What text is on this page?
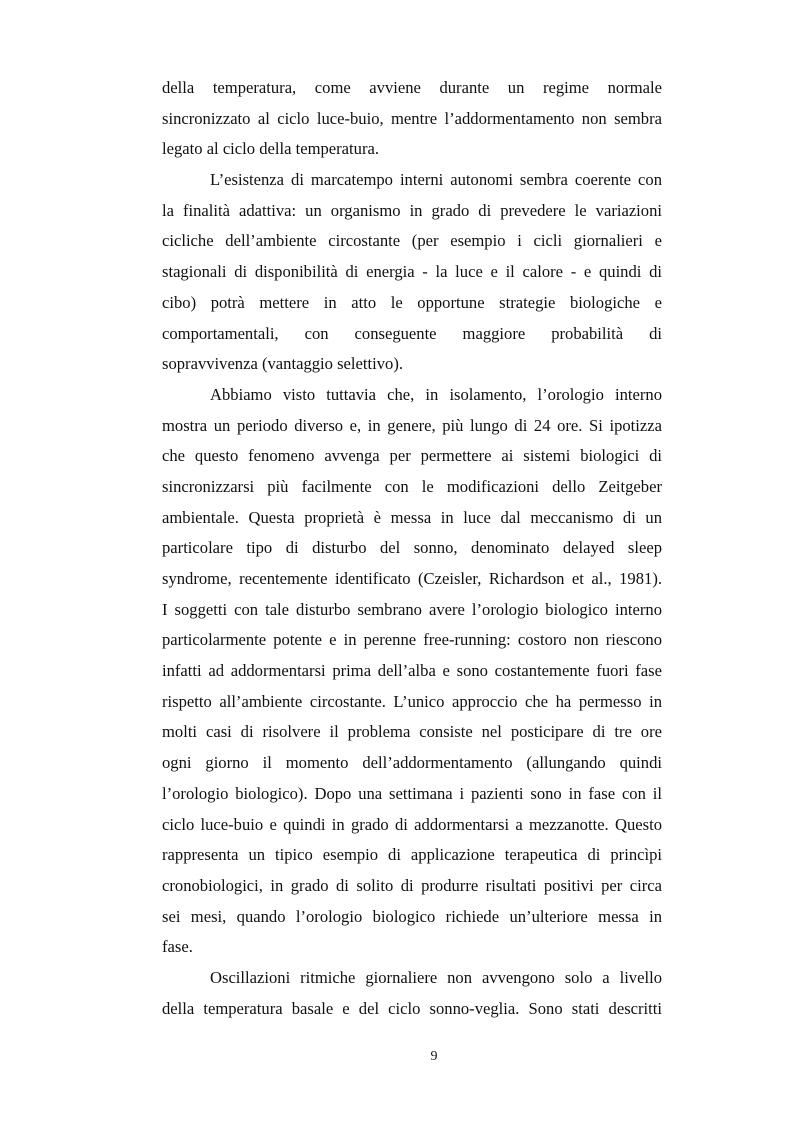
della temperatura, come avviene durante un regime normale
sincronizzato al ciclo luce-buio, mentre l’addormentamento non sembra
legato al ciclo della temperatura.
L’esistenza di marcatempo interni autonomi sembra coerente con
la finalità adattiva: un organismo in grado di prevedere le variazioni
cicliche dell’ambiente circostante (per esempio i cicli giornalieri e
stagionali di disponibilità di energia - la luce e il calore - e quindi di
cibo) potrà mettere in atto le opportune strategie biologiche e
comportamentali, con conseguente maggiore probabilità di
sopravvivenza (vantaggio selettivo).
Abbiamo visto tuttavia che, in isolamento, l’orologio interno
mostra un periodo diverso e, in genere, più lungo di 24 ore. Si ipotizza
che questo fenomeno avvenga per permettere ai sistemi biologici di
sincronizzarsi più facilmente con le modificazioni dello Zeitgeber
ambientale. Questa proprietà è messa in luce dal meccanismo di un
particolare tipo di disturbo del sonno, denominato delayed sleep
syndrome, recentemente identificato (Czeisler, Richardson et al., 1981).
I soggetti con tale disturbo sembrano avere l’orologio biologico interno
particolarmente potente e in perenne free-running: costoro non riescono
infatti ad addormentarsi prima dell’alba e sono costantemente fuori fase
rispetto all’ambiente circostante. L’unico approccio che ha permesso in
molti casi di risolvere il problema consiste nel posticipare di tre ore
ogni giorno il momento dell’addormentamento (allungando quindi
l’orologio biologico). Dopo una settimana i pazienti sono in fase con il
ciclo luce-buio e quindi in grado di addormentarsi a mezzanotte. Questo
rappresenta un tipico esempio di applicazione terapeutica di princìpi
cronobiologici, in grado di solito di produrre risultati positivi per circa
sei mesi, quando l’orologio biologico richiede un’ulteriore messa in
fase.
Oscillazioni ritmiche giornaliere non avvengono solo a livello
della temperatura basale e del ciclo sonno-veglia. Sono stati descritti
9
